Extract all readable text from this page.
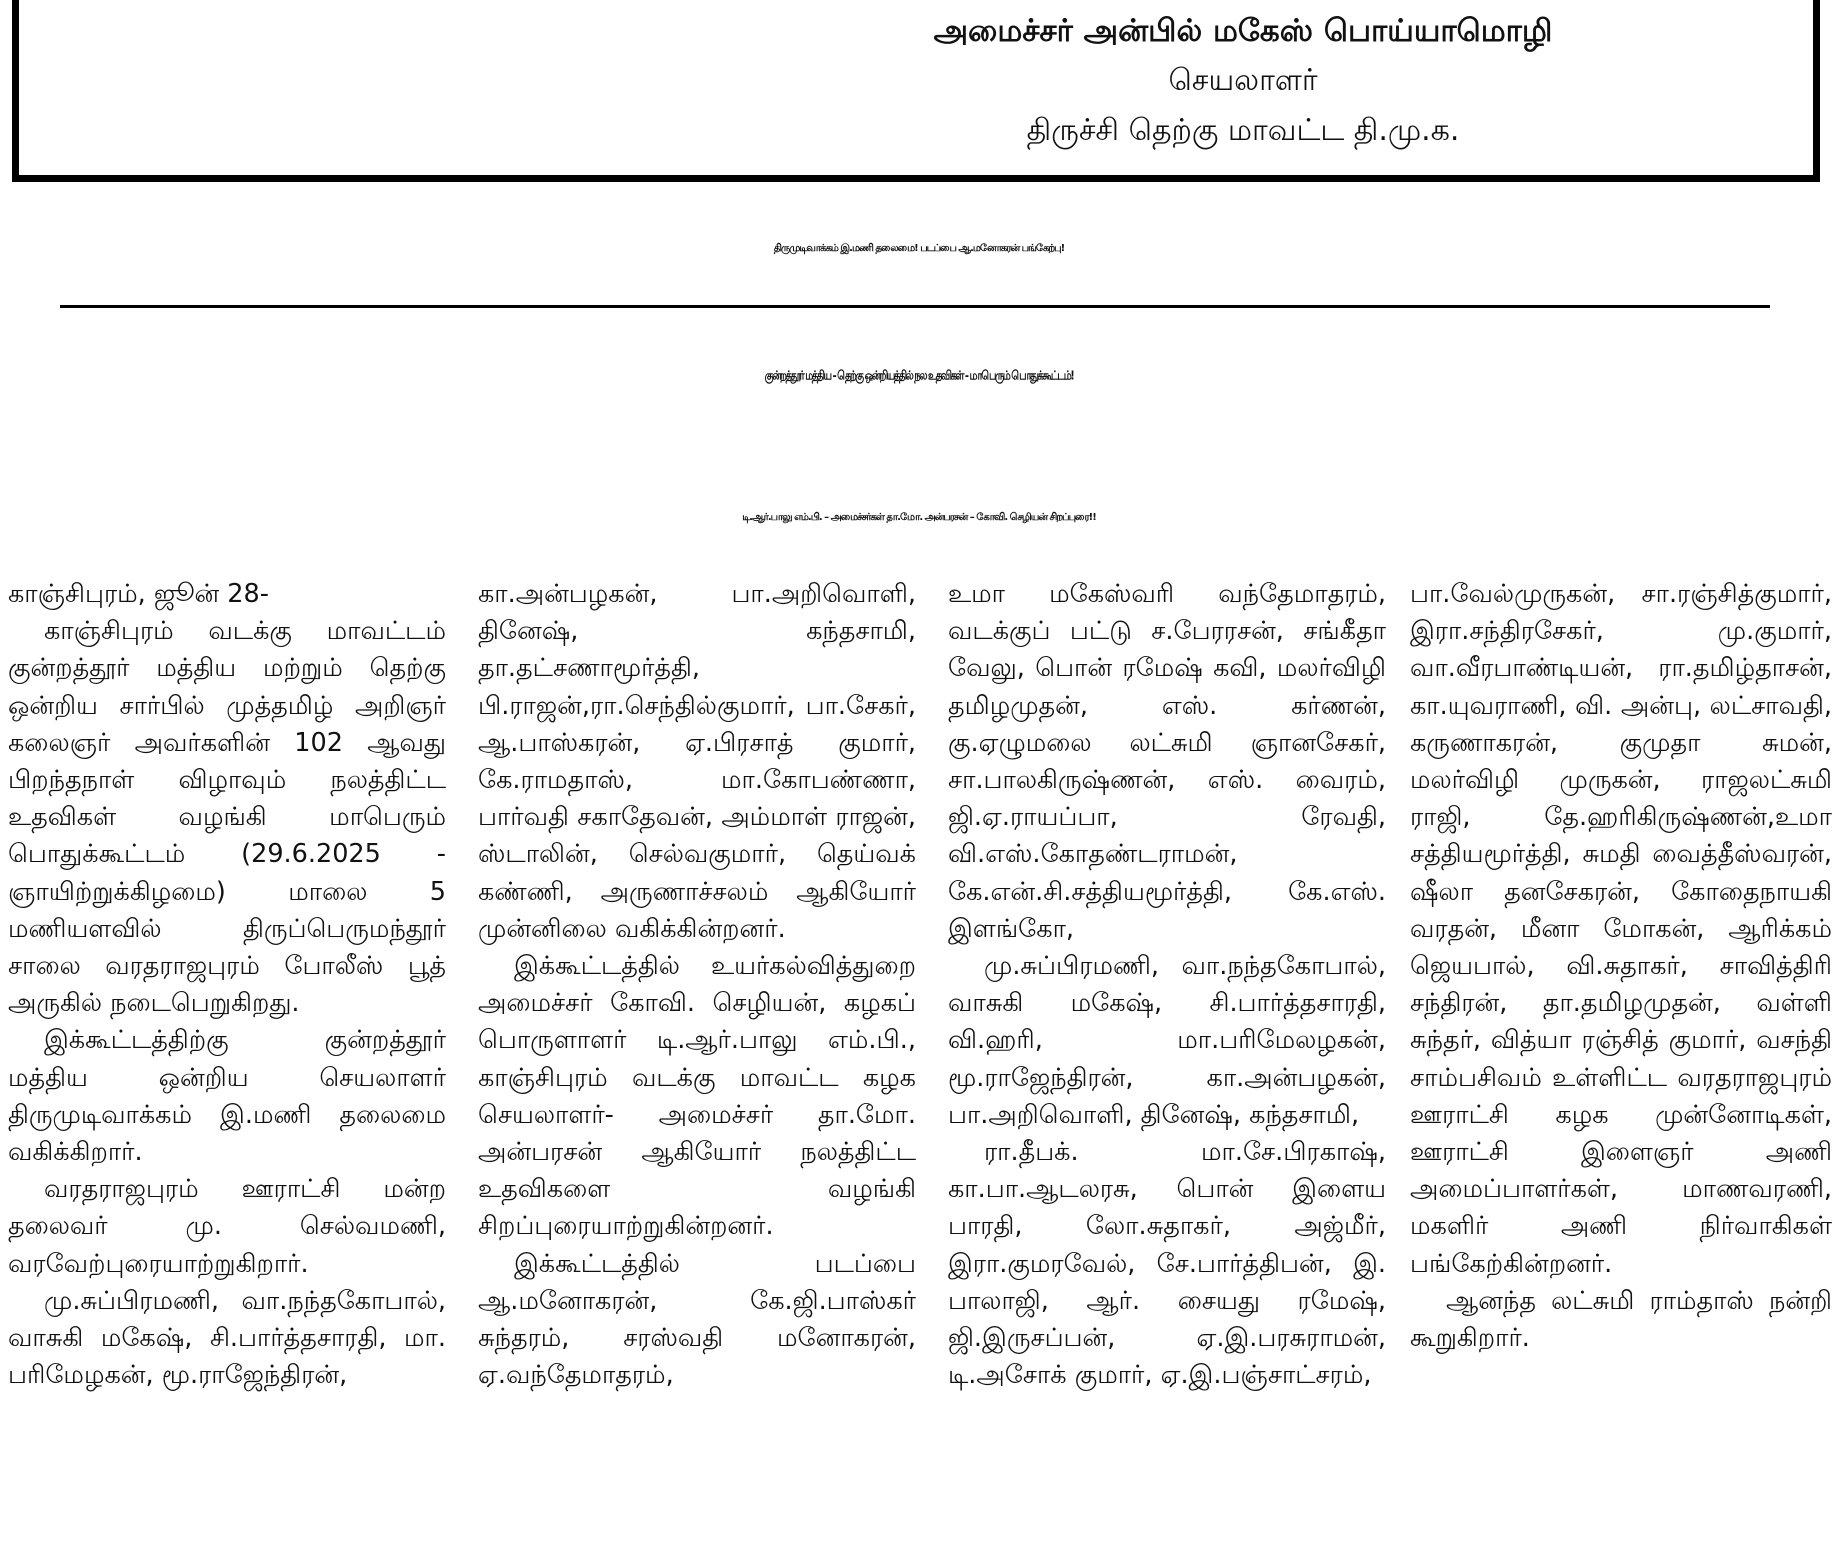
அமைச்சர் அன்பில் மகேஸ் பொய்யாமொழி
செயலாளர்
திருச்சி தெற்கு மாவட்ட தி.மு.க.
திருமுடிவாக்கம் இ.மணி தலைமை! படப்பை ஆ.மனோகரன் பங்கேற்பு!
குன்றத்தூர் மத்திய - தெற்கு ஒன்றியத்தில் நல உதவிகள் - மாபெரும் பொதுக்கூட்டம்!
டி.ஆர்.பாலு எம்.பி. – அமைச்சர்கள் தா.மோ. அன்பரசன் – கோவி. செழியன் சிறப்புரை!!

காஞ்சிபுரம், ஜூன் 28-

காஞ்சிபுரம் வடக்கு மாவட்டம் குன்றத்தூர் மத்திய மற்றும் தெற்கு ஒன்றிய சார்பில் முத்தமிழ் அறிஞர் கலைஞர் அவர்களின் 102 ஆவது பிறந்தநாள் விழாவும் நலத்திட்ட உதவிகள் வழங்கி மாபெரும் பொதுக்கூட்டம் (29.6.2025 - ஞாயிற்றுக்கிழமை) மாலை 5 மணியளவில் திருப்பெருமந்தூர் சாலை வரதராஜபுரம் போலீஸ் பூத் அருகில் நடைபெறுகிறது.

இக்கூட்டத்திற்கு குன்றத்தூர் மத்திய ஒன்றிய செயலாளர் திருமுடிவாக்கம் இ.மணி தலைமை வகிக்கிறார்.

வரதராஜபுரம் ஊராட்சி மன்ற தலைவர் மு. செல்வமணி, வரவேற்புரையாற்றுகிறார்.

மு.சுப்பிரமணி, வா.நந்தகோபால், வாசுகி மகேஷ், சி.பார்த்தசாரதி, மா. பரிமேழகன், மூ.ராஜேந்திரன்,

கா.அன்பழகன், பா.அறிவொளி, தினேஷ், கந்தசாமி, தா.தட்சணாமூர்த்தி, பி.ராஜன்,ரா.செந்தில்குமார், பா.சேகர், ஆ.பாஸ்கரன், ஏ.பிரசாத் குமார், கே.ராமதாஸ், மா.கோபண்ணா, பார்வதி சகாதேவன், அம்மாள் ராஜன், ஸ்டாலின், செல்வகுமார், தெய்வக் கண்ணி, அருணாச்சலம் ஆகியோர் முன்னிலை வகிக்கின்றனர்.

இக்கூட்டத்தில் உயர்கல்வித்துறை அமைச்சர் கோவி. செழியன், கழகப் பொருளாளர் டி.ஆர்.பாலு எம்.பி., காஞ்சிபுரம் வடக்கு மாவட்ட கழக செயலாளர்- அமைச்சர் தா.மோ. அன்பரசன் ஆகியோர் நலத்திட்ட உதவிகளை வழங்கி சிறப்புரையாற்றுகின்றனர்.

இக்கூட்டத்தில் படப்பை ஆ.மனோகரன், கே.ஜி.பாஸ்கர் சுந்தரம், சரஸ்வதி மனோகரன், ஏ.வந்தேமாதரம்,

உமா மகேஸ்வரி வந்தேமாதரம், வடக்குப் பட்டு ச.பேரரசன், சங்கீதா வேலு, பொன் ரமேஷ் கவி, மலர்விழி தமிழமுதன், எஸ். கர்ணன், கு.ஏழுமலை லட்சுமி ஞானசேகர், சா.பாலகிருஷ்ணன், எஸ். வைரம், ஜி.ஏ.ராயப்பா, ரேவதி, வி.எஸ்.கோதண்டராமன், கே.என்.சி.சத்தியமூர்த்தி, கே.எஸ். இளங்கோ,

மு.சுப்பிரமணி, வா.நந்தகோபால், வாசுகி மகேஷ், சி.பார்த்தசாரதி, வி.ஹரி, மா.பரிமேலழகன், மூ.ராஜேந்திரன், கா.அன்பழகன், பா.அறிவொளி, தினேஷ், கந்தசாமி,

ரா.தீபக். மா.சே.பிரகாஷ், கா.பா.ஆடலரசு, பொன் இளைய பாரதி, லோ.சுதாகர், அஜ்மீர், இரா.குமரவேல், சே.பார்த்திபன், இ. பாலாஜி, ஆர். சையது ரமேஷ், ஜி.இருசப்பன், ஏ.இ.பரசுராமன், டி.அசோக் குமார், ஏ.இ.பஞ்சாட்சரம்,

பா.வேல்முருகன், சா.ரஞ்சித்குமார், இரா.சந்திரசேகர், மு.குமார், வா.வீரபாண்டியன், ரா.தமிழ்தாசன், கா.யுவராணி, வி. அன்பு, லட்சாவதி, கருணாகரன், குமுதா சுமன், மலர்விழி முருகன், ராஜலட்சுமி ராஜி, தே.ஹரிகிருஷ்ணன்,உமா சத்தியமூர்த்தி, சுமதி வைத்தீஸ்வரன், ஷீலா தனசேகரன், கோதைநாயகி வரதன், மீனா மோகன், ஆரிக்கம் ஜெயபால், வி.சுதாகர், சாவித்திரி சந்திரன், தா.தமிழமுதன், வள்ளி சுந்தர், வித்யா ரஞ்சித் குமார், வசந்தி சாம்பசிவம் உள்ளிட்ட வரதராஜபுரம் ஊராட்சி கழக முன்னோடிகள், ஊராட்சி இளைஞர் அணி அமைப்பாளர்கள், மாணவரணி, மகளிர் அணி நிர்வாகிகள் பங்கேற்கின்றனர்.

ஆனந்த லட்சுமி ராம்தாஸ் நன்றி கூறுகிறார்.
